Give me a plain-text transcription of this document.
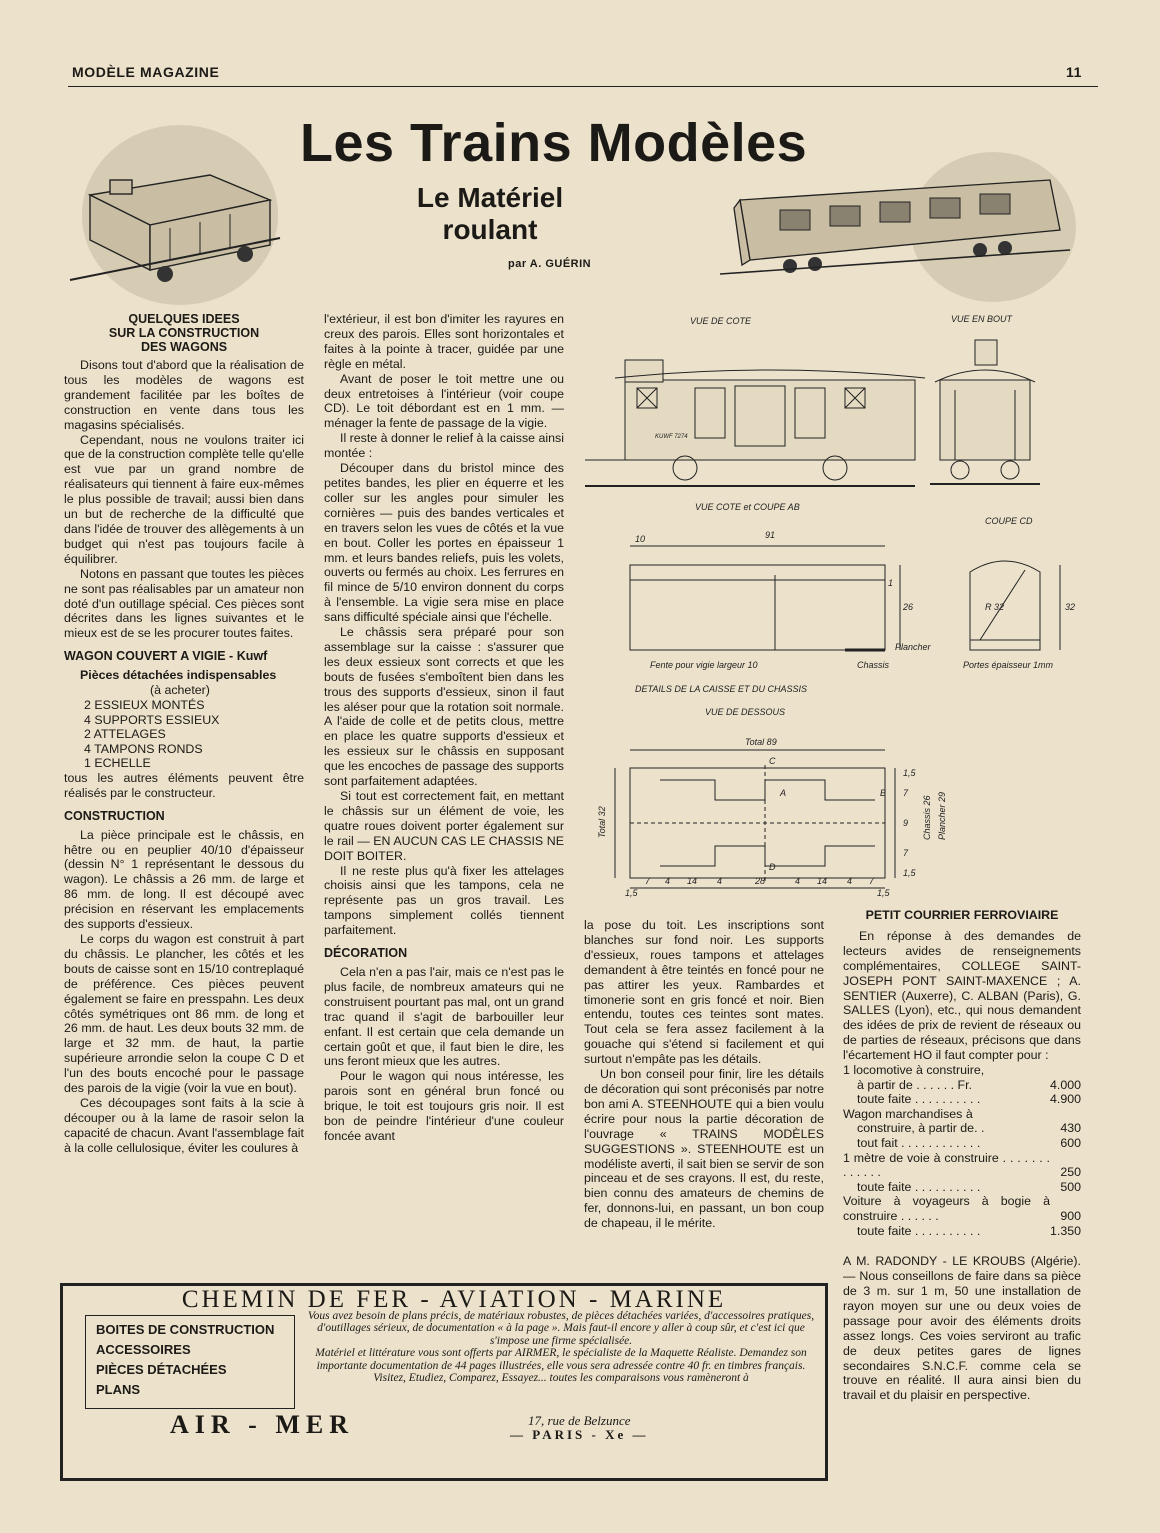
MODÈLE MAGAZINE	11
Les Trains Modèles
Le Matériel
roulant
par A. GUÉRIN
QUELQUES IDEES
SUR LA CONSTRUCTION
DES WAGONS

Disons tout d'abord que la réalisation de tous les modèles de wagons est grandement facilitée par les boîtes de construction en vente dans tous les magasins spécialisés.

Cependant, nous ne voulons traiter ici que de la construction complète telle qu'elle est vue par un grand nombre de réalisateurs qui tiennent à faire eux-mêmes le plus possible de travail; aussi bien dans un but de recherche de la difficulté que dans l'idée de trouver des allègements à un budget qui n'est pas toujours facile à équilibrer.

Notons en passant que toutes les pièces ne sont pas réalisables par un amateur non doté d'un outillage spécial. Ces pièces sont décrites dans les lignes suivantes et le mieux est de se les procurer toutes faites.

WAGON COUVERT A VIGIE - Kuwf
Pièces détachées indispensables
(à acheter)
2 ESSIEUX MONTÉS
4 SUPPORTS ESSIEUX
2 ATTELAGES
4 TAMPONS RONDS
1 ECHELLE

tous les autres éléments peuvent être réalisés par le constructeur.

CONSTRUCTION

La pièce principale est le châssis, en hêtre ou en peuplier 40/10 d'épaisseur (dessin N° 1 représentant le dessous du wagon). Le châssis a 26 mm. de large et 86 mm. de long. Il est découpé avec précision en réservant les emplacements des supports d'essieux.

Le corps du wagon est construit à part du châssis. Le plancher, les côtés et les bouts de caisse sont en 15/10 contreplaqué de préférence. Ces pièces peuvent également se faire en presspahn. Les deux côtés symétriques ont 86 mm. de long et 26 mm. de haut. Les deux bouts 32 mm. de large et 32 mm. de haut, la partie supérieure arrondie selon la coupe C D et l'un des bouts encoché pour le passage des parois de la vigie (voir la vue en bout).

Ces découpages sont faits à la scie à découper ou à la lame de rasoir selon la capacité de chacun. Avant l'assemblage fait à la colle cellulosique, éviter les coulures à

l'extérieur, il est bon d'imiter les rayures en creux des parois. Elles sont horizontales et faites à la pointe à tracer, guidée par une règle en métal.

Avant de poser le toit mettre une ou deux entretoises à l'intérieur (voir coupe CD). Le toit débordant est en 1 mm. — ménager la fente de passage de la vigie.

Il reste à donner le relief à la caisse ainsi montée :

Découper dans du bristol mince des petites bandes, les plier en équerre et les coller sur les angles pour simuler les cornières — puis des bandes verticales et en travers selon les vues de côtés et la vue en bout. Coller les portes en épaisseur 1 mm. et leurs bandes reliefs, puis les volets, ouverts ou fermés au choix. Les ferrures en fil mince de 5/10 environ donnent du corps à l'ensemble. La vigie sera mise en place sans difficulté spéciale ainsi que l'échelle.

Le châssis sera préparé pour son assemblage sur la caisse : s'assurer que les deux essieux sont corrects et que les bouts de fusées s'emboîtent bien dans les trous des supports d'essieux, sinon il faut les aléser pour que la rotation soit normale. A l'aide de colle et de petits clous, mettre en place les quatre supports d'essieux et les essieux sur le châssis en supposant que les encoches de passage des supports sont parfaitement adaptées.

Si tout est correctement fait, en mettant le châssis sur un élément de voie, les quatre roues doivent porter également sur le rail — EN AUCUN CAS LE CHASSIS NE DOIT BOITER.

Il ne reste plus qu'à fixer les attelages choisis ainsi que les tampons, cela ne représente pas un gros travail. Les tampons simplement collés tiennent parfaitement.

DÉCORATION

Cela n'en a pas l'air, mais ce n'est pas le plus facile, de nombreux amateurs qui ne construisent pourtant pas mal, ont un grand trac quand il s'agit de barbouiller leur enfant. Il est certain que cela demande un certain goût et que, il faut bien le dire, les uns feront mieux que les autres.

Pour le wagon qui nous intéresse, les parois sont en général brun foncé ou brique, le toit est toujours gris noir. Il est bon de peindre l'intérieur d'une couleur foncée avant

la pose du toit. Les inscriptions sont blanches sur fond noir. Les supports d'essieux, roues tampons et attelages demandent à être teintés en foncé pour ne pas attirer les yeux. Rambardes et timonerie sont en gris foncé et noir. Bien entendu, toutes ces teintes sont mates. Tout cela se fera assez facilement à la gouache qui s'étend si facilement et qui surtout n'empâte pas les détails.

Un bon conseil pour finir, lire les détails de décoration qui sont préconisés par notre bon ami A. STEENHOUTE qui a bien voulu écrire pour nous la partie décoration de l'ouvrage « TRAINS MODÈLES SUGGESTIONS ». STEENHOUTE est un modéliste averti, il sait bien se servir de son pinceau et de ses crayons. Il est, du reste, bien connu des amateurs de chemins de fer, donnons-lui, en passant, un bon coup de chapeau, il le mérite.

VUE DE COTE	VUE EN BOUT
VUE COTE et COUPE AB
COUPE CD
10	91
1
26	R 32	32
Plancher
Fente pour vigie largeur 10	Chassis	Portes épaisseur 1mm
DETAILS DE LA CAISSE ET DU CHASSIS
VUE DE DESSOUS
Total 89
Total 32
C
A	B
D
Chassis 26 Plancher 29
7 4 14 4	28	4 14 4 7
1,5
7
9
7
1,5
1,5	1,5
KUWF 7274
PETIT COURRIER FERROVIAIRE

En réponse à des demandes de lecteurs avides de renseignements complémentaires, COLLEGE SAINT-JOSEPH PONT SAINT-MAXENCE ; A. SENTIER (Auxerre), C. ALBAN (Paris), G. SALLES (Lyon), etc., qui nous demandent des idées de prix de revient de réseaux ou de parties de réseaux, précisons que dans l'écartement HO il faut compter pour :

1 locomotive à construire,	
à partir de . . . . . . Fr.	4.000
toute faite . . . . . . . . . .	4.900
Wagon marchandises à	
construire, à partir de. .	430
tout fait . . . . . . . . . . . .	600
1 mètre de voie à construire . . . . . . . . . . . . .	250
toute faite . . . . . . . . . .	500
Voiture à voyageurs à bogie à construire . . . . . .	900
toute faite . . . . . . . . . .	1.350

A M. RADONDY - LE KROUBS (Algérie). — Nous conseillons de faire dans sa pièce de 3 m. sur 1 m, 50 une installation de rayon moyen sur une ou deux voies de passage pour avoir des éléments droits assez longs. Ces voies serviront au trafic de deux petites gares de lignes secondaires S.N.C.F. comme cela se trouve en réalité. Il aura ainsi bien du travail et du plaisir en perspective.

CHEMIN DE FER - AVIATION - MARINE
BOITES DE CONSTRUCTION
ACCESSOIRES
PIÈCES DÉTACHÉES
PLANS
Vous avez besoin de plans précis, de matériaux robustes, de pièces détachées variées, d'accessoires pratiques, d'outillages sérieux, de documentation « à la page ». Mais faut-il encore y aller à coup sûr, et c'est ici que s'impose une firme spécialisée.
Matériel et littérature vous sont offerts par AIRMER, le spécialiste de la Maquette Réaliste. Demandez son importante documentation de 44 pages illustrées, elle vous sera adressée contre 40 fr. en timbres français.
Visitez, Etudiez, Comparez, Essayez... toutes les comparaisons vous ramèneront à
AIR - MER	17, rue de Belzunce
— PARIS - Xe —
